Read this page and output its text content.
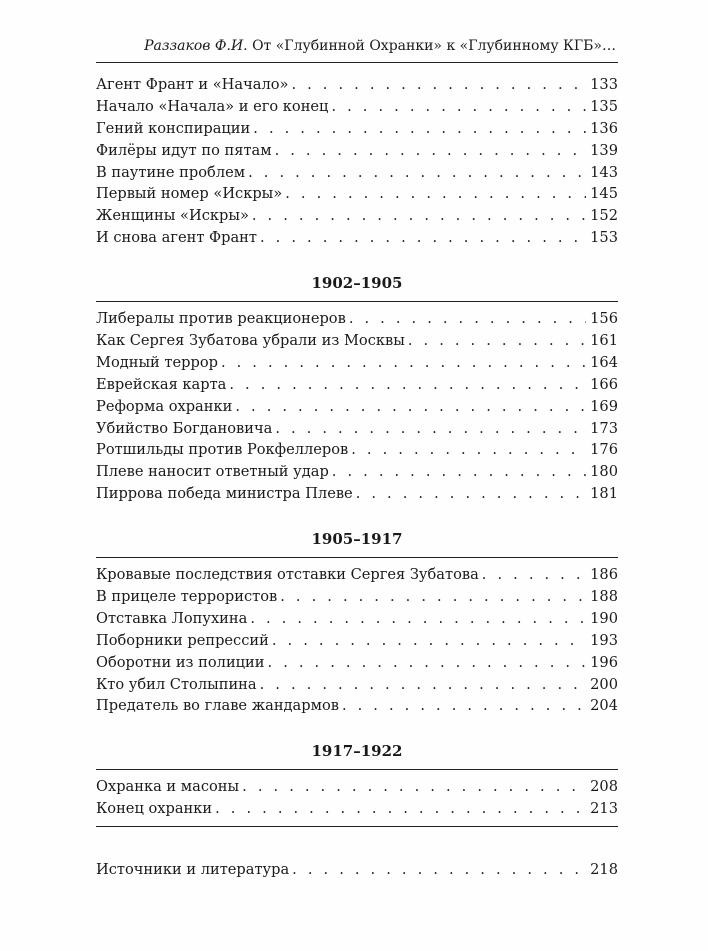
Раззаков Ф.И. От «Глубинной Охранки» к «Глубинному КГБ»…
Агент Франт и «Начало» . . .	133
Начало «Начала» и его конец . . .	135
Гений конспирации . . .	136
Филёры идут по пятам . . .	139
В паутине проблем . . .	143
Первый номер «Искры» . . .	145
Женщины «Искры» . . .	152
И снова агент Франт . . .	153
1902–1905
Либералы против реакционеров . . .	156
Как Сергея Зубатова убрали из Москвы . . .	161
Модный террор . . .	164
Еврейская карта . . .	166
Реформа охранки . . .	169
Убийство Богдановича . . .	173
Ротшильды против Рокфеллеров . . .	176
Плеве наносит ответный удар . . .	180
Пиррова победа министра Плеве . . .	181
1905–1917
Кровавые последствия отставки Сергея Зубатова . . .	186
В прицеле террористов . . .	188
Отставка Лопухина . . .	190
Поборники репрессий . . .	193
Оборотни из полиции . . .	196
Кто убил Столыпина . . .	200
Предатель во главе жандармов . . .	204
1917–1922
Охранка и масоны . . .	208
Конец охранки . . .	213
Источники и литература . . .	218
